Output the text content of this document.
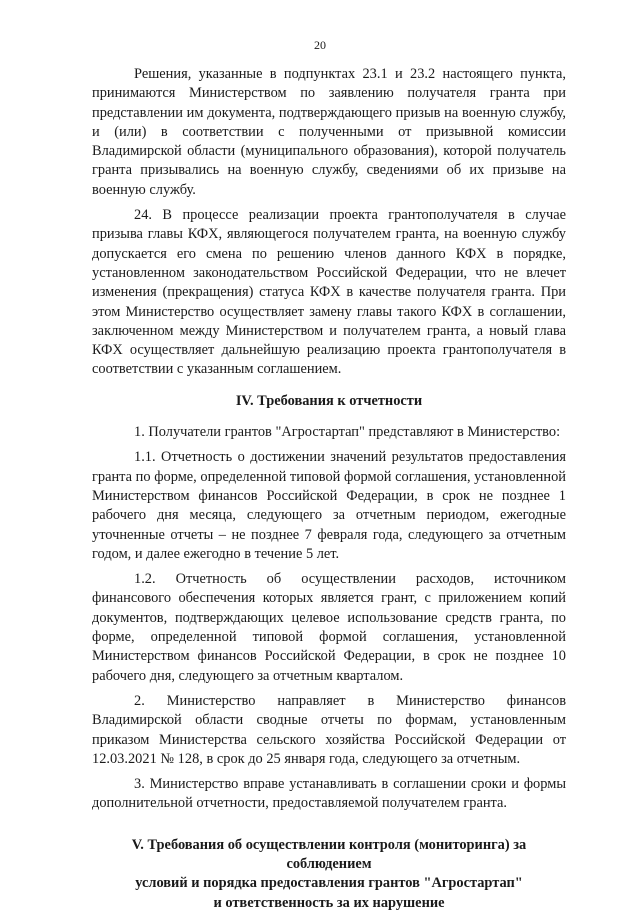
20

Решения, указанные в подпунктах 23.1 и 23.2 настоящего пункта, принимаются Министерством по заявлению получателя гранта при представлении им документа, подтверждающего призыв на военную службу, и (или) в соответствии с полученными от призывной комиссии Владимирской области (муниципального образования), которой получатель гранта призывались на военную службу, сведениями об их призыве на военную службу.

24. В процессе реализации проекта грантополучателя в случае призыва главы КФХ, являющегося получателем гранта, на военную службу допускается его смена по решению членов данного КФХ в порядке, установленном законодательством Российской Федерации, что не влечет изменения (прекращения) статуса КФХ в качестве получателя гранта. При этом Министерство осуществляет замену главы такого КФХ в соглашении, заключенном между Министерством и получателем гранта, а новый глава КФХ осуществляет дальнейшую реализацию проекта грантополучателя в соответствии с указанным соглашением.

IV. Требования к отчетности

1. Получатели грантов "Агростартап" представляют в Министерство:

1.1. Отчетность о достижении значений результатов предоставления гранта по форме, определенной типовой формой соглашения, установленной Министерством финансов Российской Федерации, в срок не позднее 1 рабочего дня месяца, следующего за отчетным периодом, ежегодные уточненные отчеты – не позднее 7 февраля года, следующего за отчетным годом, и далее ежегодно в течение 5 лет.

1.2. Отчетность об осуществлении расходов, источником финансового обеспечения которых является грант, с приложением копий документов, подтверждающих целевое использование средств гранта, по форме, определенной типовой формой соглашения, установленной Министерством финансов Российской Федерации, в срок не позднее 10 рабочего дня, следующего за отчетным кварталом.

2. Министерство направляет в Министерство финансов Владимирской области сводные отчеты по формам, установленным приказом Министерства сельского хозяйства Российской Федерации от 12.03.2021 № 128, в срок до 25 января года, следующего за отчетным.

3. Министерство вправе устанавливать в соглашении сроки и формы дополнительной отчетности, предоставляемой получателем гранта.

V. Требования об осуществлении контроля (мониторинга) за соблюдением
условий и порядка предоставления грантов "Агростартап"
и ответственность за их нарушение
